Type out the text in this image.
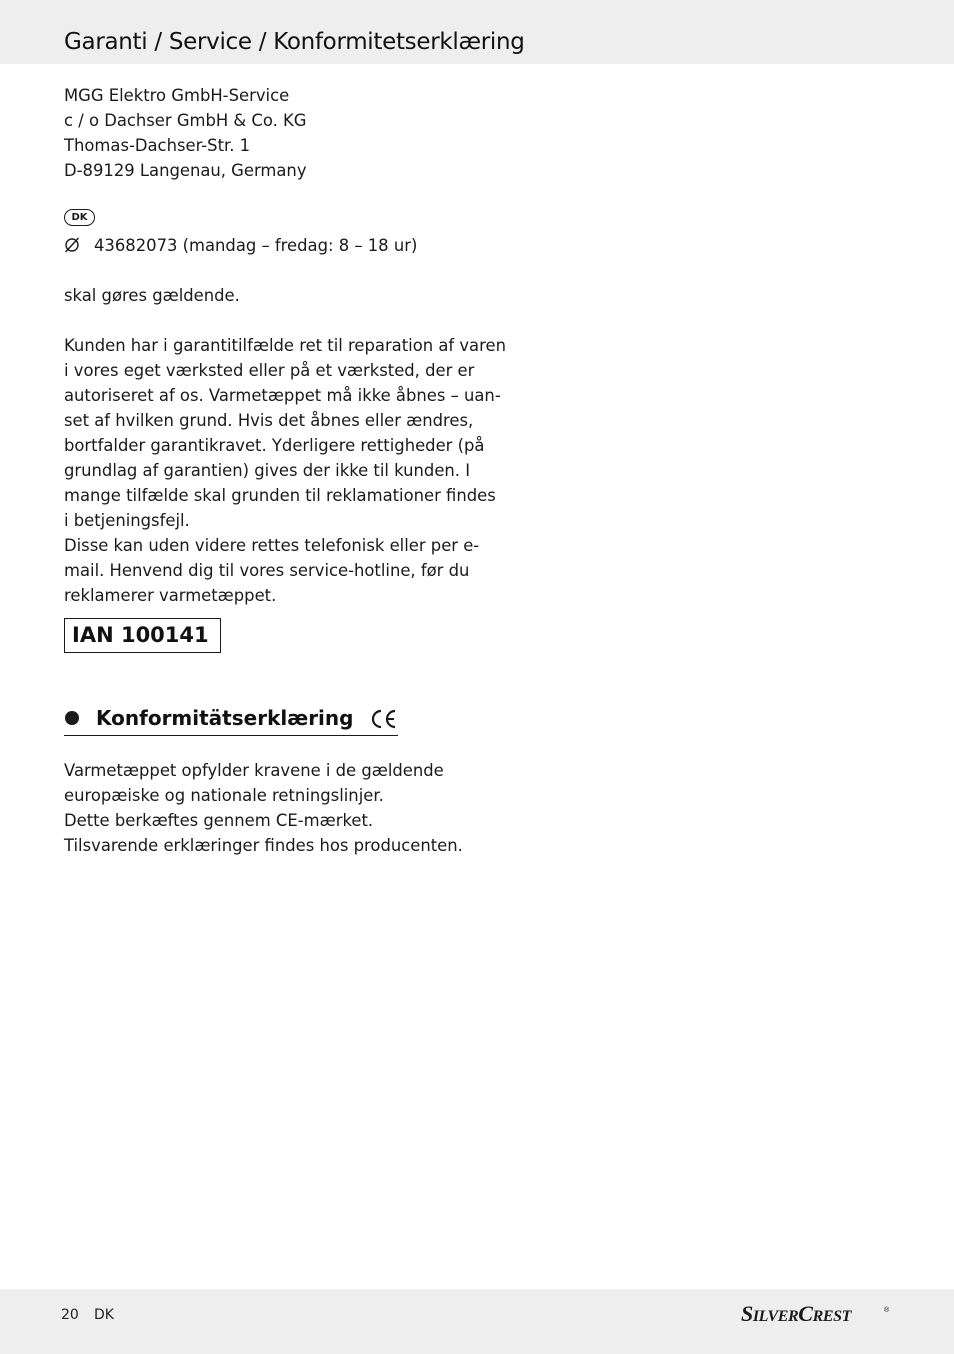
Garanti / Service / Konformitetserklæring
MGG Elektro GmbH-Service
c / o Dachser GmbH & Co. KG
Thomas-Dachser-Str. 1
D-89129 Langenau, Germany
DK
43682073 (mandag – fredag: 8 – 18 ur)
skal gøres gældende.
Kunden har i garantitilfælde ret til reparation af varen
i vores eget værksted eller på et værksted, der er
autoriseret af os. Varmetæppet må ikke åbnes – uan-
set af hvilken grund. Hvis det åbnes eller ændres,
bortfalder garantikravet. Yderligere rettigheder (på
grundlag af garantien) gives der ikke til kunden. I
mange tilfælde skal grunden til reklamationer findes
i betjeningsfejl.
Disse kan uden videre rettes telefonisk eller per e-
mail. Henvend dig til vores service-hotline, før du
reklamerer varmetæppet.
IAN 100141
Konformitätserklæring
Varmetæppet opfylder kravene i de gældende
europæiske og nationale retningslinjer.
Dette berkæftes gennem CE-mærket.
Tilsvarende erklæringer findes hos producenten.
20 DK	SILVERCREST	®
